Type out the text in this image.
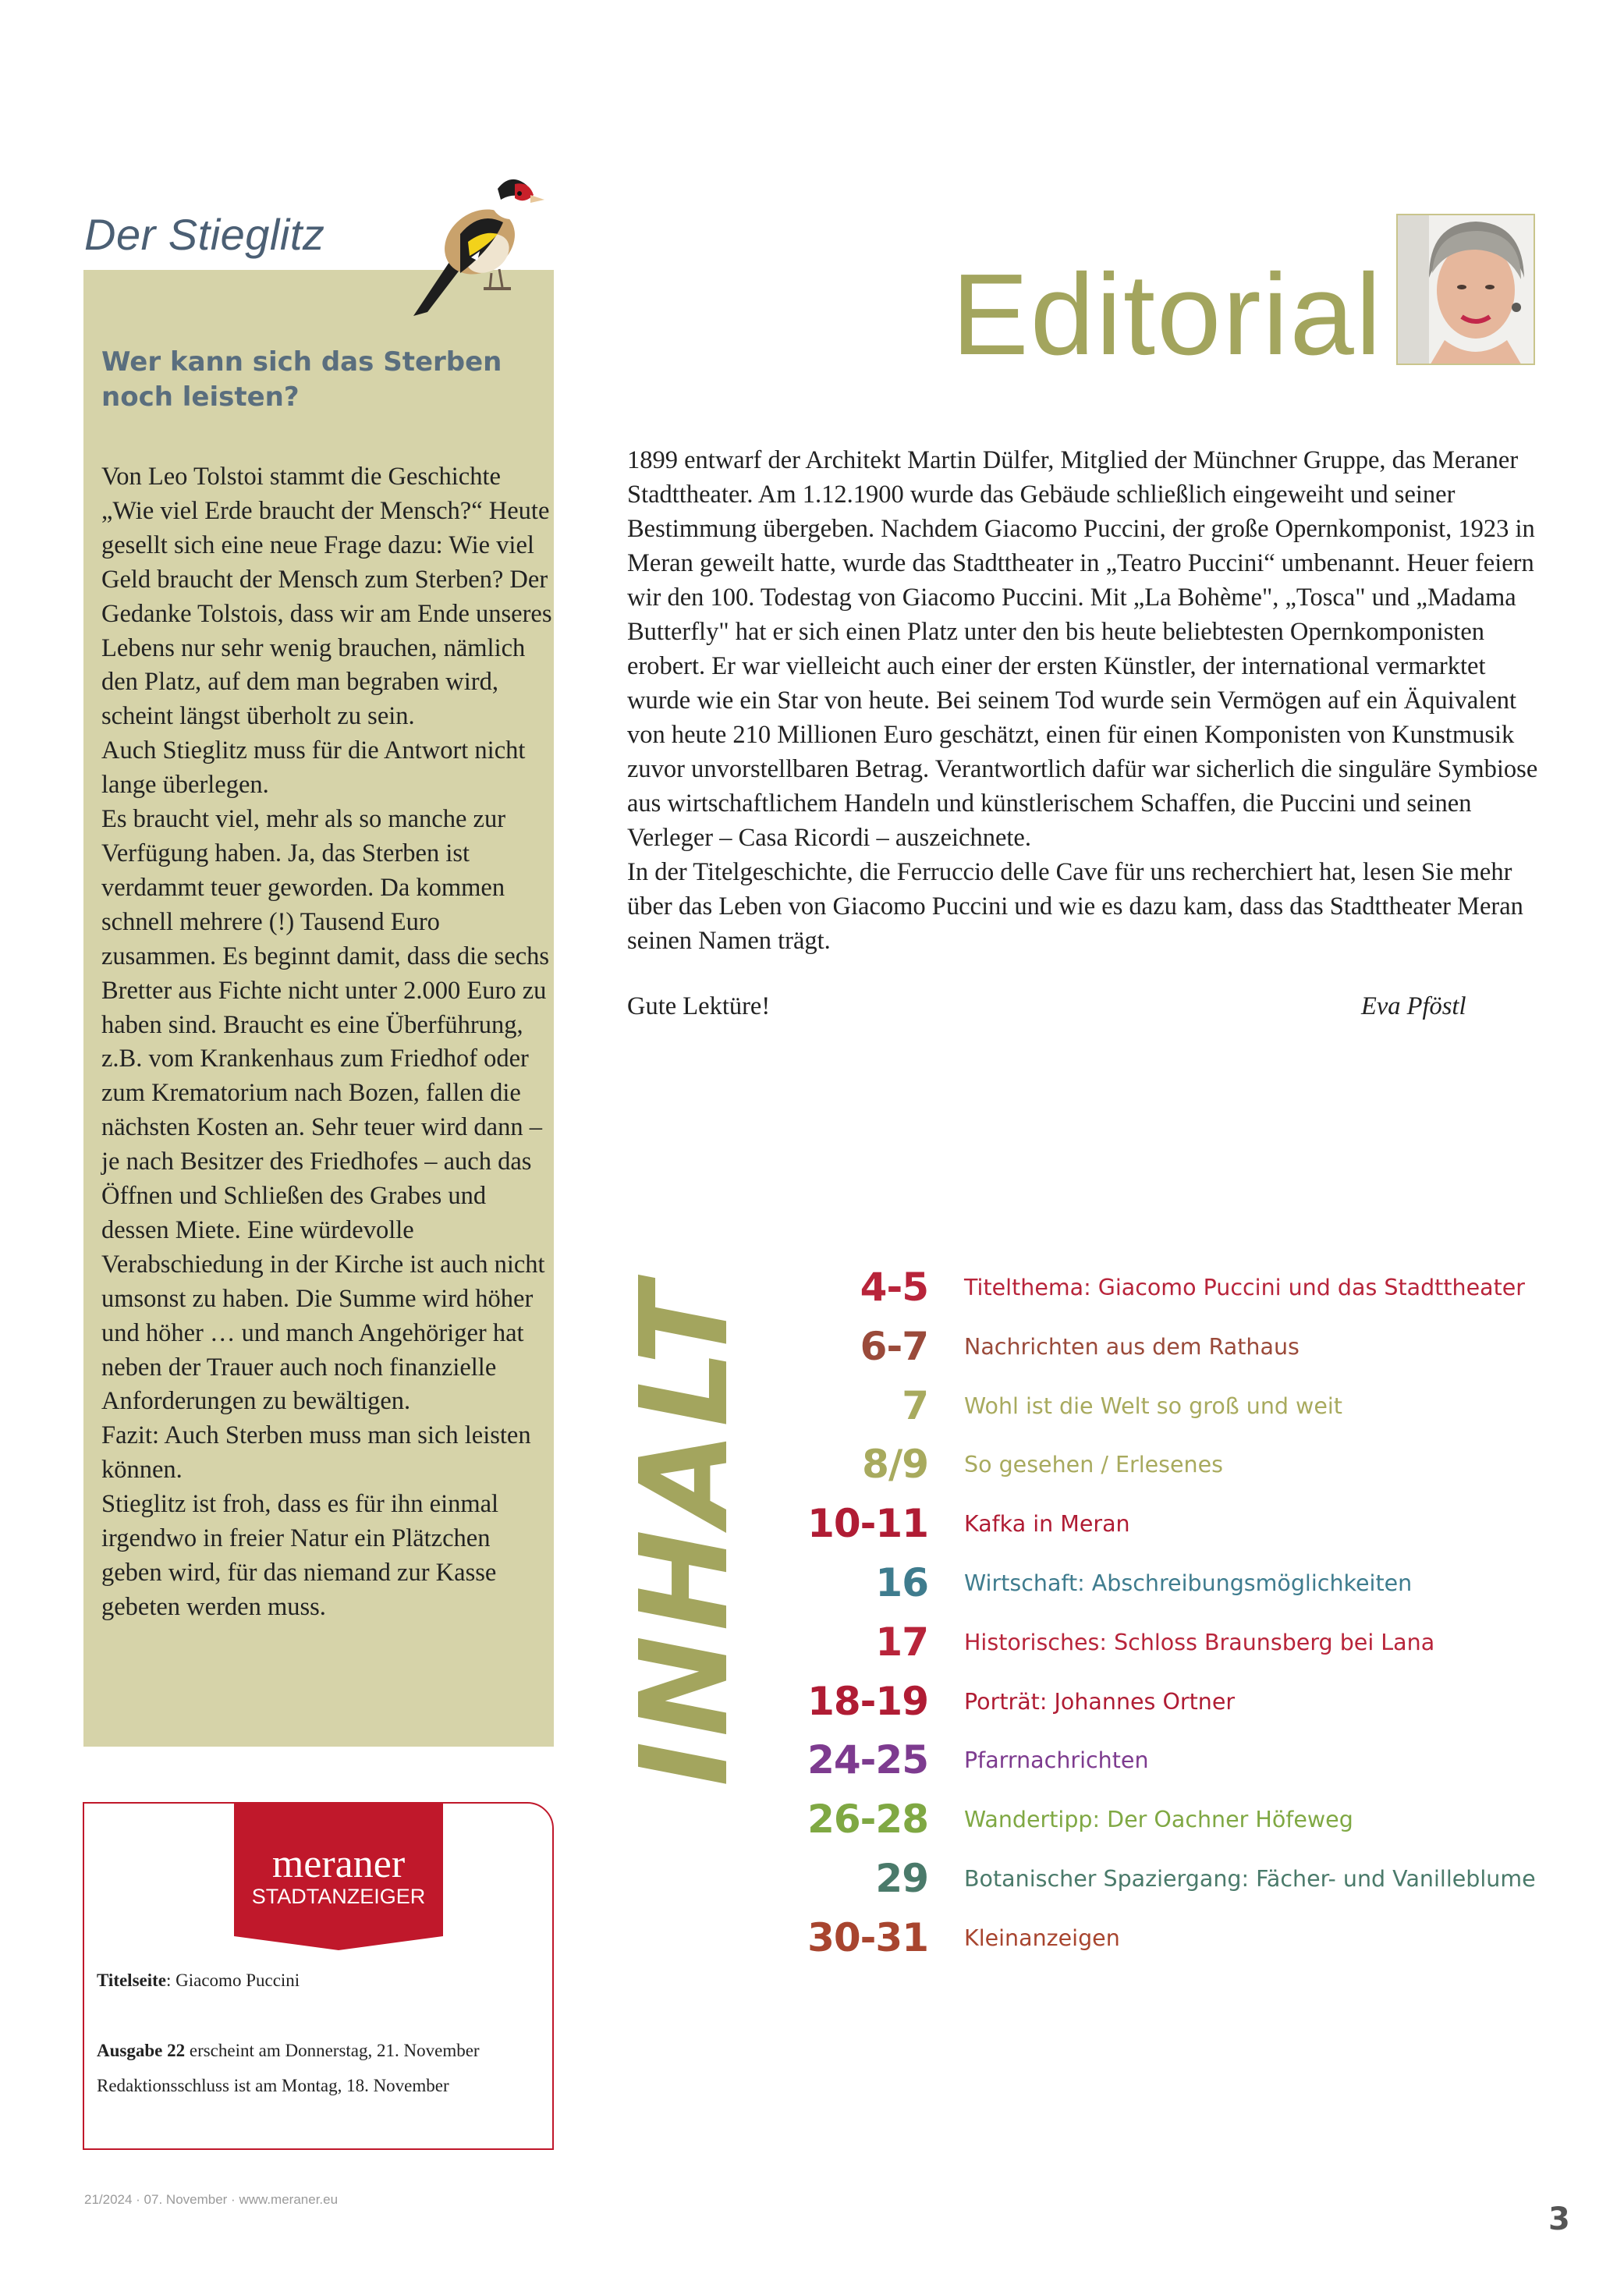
Der Stieglitz
Wer kann sich das Sterben noch leisten?

Von Leo Tolstoi stammt die Geschichte „Wie viel Erde braucht der Mensch?“ Heute gesellt sich eine neue Frage dazu: Wie viel Geld braucht der Mensch zum Sterben? Der Gedanke Tolstois, dass wir am Ende unseres Lebens nur sehr wenig brauchen, nämlich den Platz, auf dem man begraben wird, scheint längst überholt zu sein.

Auch Stieglitz muss für die Antwort nicht lange überlegen.

Es braucht viel, mehr als so manche zur Verfügung haben. Ja, das Sterben ist verdammt teuer geworden. Da kommen schnell mehrere (!) Tausend Euro zusammen. Es beginnt damit, dass die sechs Bretter aus Fichte nicht unter 2.000 Euro zu haben sind. Braucht es eine Überführung, z.B. vom Krankenhaus zum Friedhof oder zum Krematorium nach Bozen, fallen die nächsten Kosten an. Sehr teuer wird dann – je nach Besitzer des Friedhofes – auch das Öffnen und Schließen des Grabes und dessen Miete. Eine würdevolle Verabschiedung in der Kirche ist auch nicht umsonst zu haben. Die Summe wird höher und höher … und manch Angehöriger hat neben der Trauer auch noch finanzielle Anforderungen zu bewältigen.

Fazit: Auch Sterben muss man sich leisten können.

Stieglitz ist froh, dass es für ihn einmal irgendwo in freier Natur ein Plätzchen geben wird, für das niemand zur Kasse gebeten werden muss.

meraner
STADTANZEIGER
Titelseite: Giacomo Puccini
Ausgabe 22 erscheint am Donnerstag, 21. November
Redaktionsschluss ist am Montag, 18. November
21/2024 · 07. November · www.meraner.eu
3
Editorial

1899 entwarf der Architekt Martin Dülfer, Mitglied der Münchner Gruppe, das Meraner Stadttheater. Am 1.12.1900 wurde das Gebäude schließlich eingeweiht und seiner Bestimmung übergeben. Nachdem Giacomo Puccini, der große Opernkomponist, 1923 in Meran geweilt hatte, wurde das Stadttheater in „Teatro Puccini“ umbenannt. Heuer feiern wir den 100. Todestag von Giacomo Puccini. Mit „La Bohème", „Tosca" und „Madama Butterfly" hat er sich einen Platz unter den bis heute beliebtesten Opernkomponisten erobert. Er war vielleicht auch einer der ersten Künstler, der international vermarktet wurde wie ein Star von heute. Bei seinem Tod wurde sein Vermögen auf ein Äquivalent von heute 210 Millionen Euro geschätzt, einen für einen Komponisten von Kunstmusik zuvor unvorstellbaren Betrag. Verantwortlich dafür war sicherlich die singuläre Symbiose aus wirtschaftlichem Handeln und künstlerischem Schaffen, die Puccini und seinen Verleger – Casa Ricordi – auszeichnete.

In der Titelgeschichte, die Ferruccio delle Cave für uns recherchiert hat, lesen Sie mehr über das Leben von Giacomo Puccini und wie es dazu kam, dass das Stadttheater Meran seinen Namen trägt.

Gute Lektüre!	Eva Pföstl
INHALT	4-5 Titelthema: Giacomo Puccini und das Stadttheater
6-7 Nachrichten aus dem Rathaus
7 Wohl ist die Welt so groß und weit
8/9 So gesehen / Erlesenes
10-11 Kafka in Meran
16 Wirtschaft: Abschreibungsmöglichkeiten
17 Historisches: Schloss Braunsberg bei Lana
18-19 Porträt: Johannes Ortner
24-25 Pfarrnachrichten
26-28 Wandertipp: Der Oachner Höfeweg
29 Botanischer Spaziergang: Fächer- und Vanilleblume
30-31 Kleinanzeigen
